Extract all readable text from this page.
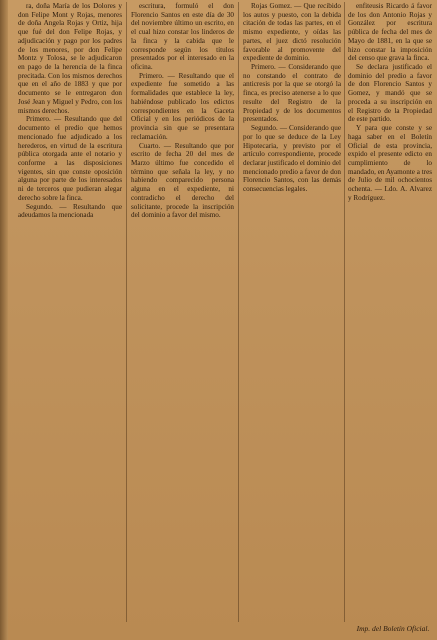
ra, doña María de los Dolores y don Felipe Mont y Rojas, menores de doña Angela Rojas y Ortiz, hija que fué del don Felipe Rojas, y adjudicación y pago por los padres de los menores, por don Felipe Montz y Tolosa, se le adjudicaron en pago de la herencia de la finca precitada. Con los mismos derechos que en el año de 1883 y que por documento se le entregaron don José Jean y Miguel y Pedro, con los mismos derechos.

Primero. — Resultando que del documento el predio que hemos mencionado fue adjudicado a los herederos, en virtud de la escritura pública otorgada ante el notario y conforme a las disposiciones vigentes, sin que conste oposición alguna por parte de los interesados ni de terceros que pudieran alegar derecho sobre la finca.

Segundo. — Resultando que adeudamos la mencionada

escritura, formuló el don Florencio Santos en este día de 30 del noviembre último un escrito, en el cual hizo constar los linderos de la finca y la cabida que le corresponde según los títulos presentados por el interesado en la oficina.

Primero. — Resultando que el expediente fue sometido a las formalidades que establece la ley, habiéndose publicado los edictos correspondientes en la Gaceta Oficial y en los periódicos de la provincia sin que se presentara reclamación.

Cuarto. — Resultando que por escrito de fecha 20 del mes de Marzo último fue concedido el término que señala la ley, y no habiendo comparecido persona alguna en el expediente, ni contradicho el derecho del solicitante, procede la inscripción del dominio a favor del mismo.

Rojas Gomez. — Que recibido los autos y puesto, con la debida citación de todas las partes, en el mismo expediente, y oídas las partes, el juez dictó resolución favorable al promovente del expediente de dominio.

Primero. — Considerando que no constando el contrato de anticresis por la que se otorgó la finca, es preciso atenerse a lo que resulte del Registro de la Propiedad y de los documentos presentados.

Segundo. — Considerando que por lo que se deduce de la Ley Hipotecaria, y previsto por el artículo correspondiente, procede declarar justificado el dominio del mencionado predio a favor de don Florencio Santos, con las demás consecuencias legales.

enfiteusis Ricardo á favor de los don Antonio Rojas y González por escritura pública de fecha del mes de Mayo de 1881, en la que se hizo constar la imposición del censo que grava la finca.

Se declara justificado el dominio del predio a favor de don Florencio Santos y Gomez, y mandó que se proceda a su inscripción en el Registro de la Propiedad de este partido.

Y para que conste y se haga saber en el Boletín Oficial de esta provincia, expido el presente edicto en cumplimiento de lo mandado, en Ayamonte a tres de Julio de mil ochocientos ochenta. — Ldo. A. Alvarez y Rodríguez.

Imp. del Boletín Oficial.
